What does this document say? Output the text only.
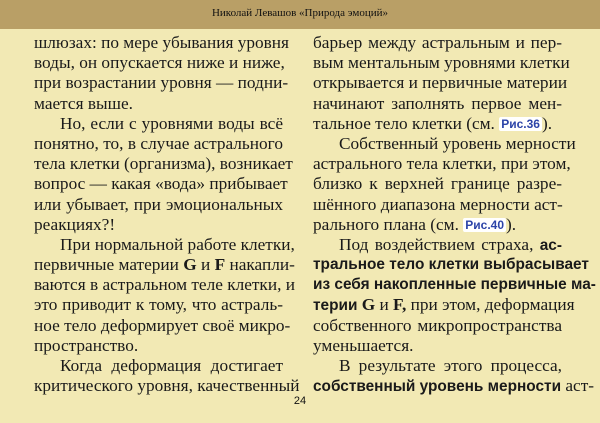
Николай Левашов «Природа эмоций»
шлюзах: по мере убывания уровня
воды, он опускается ниже и ниже,
при возрастании уровня — подни-
мается выше.
Но, если с уровнями воды всё
понятно, то, в случае астрального
тела клетки (организма), возникает
вопрос — какая «вода» прибывает
или убывает, при эмоциональных
реакциях?!
При нормальной работе клетки,
первичные материи G и F накапли-
ваются в астральном теле клетки, и
это приводит к тому, что астраль-
ное тело деформирует своё микро-
пространство.
Когда деформация достигает
критического уровня, качественный
барьер между астральным и пер-
вым ментальным уровнями клетки
открывается и первичные материи
начинают заполнять первое мен-
тальное тело клетки (см. Рис.36 ).
Собственный уровень мерности
астрального тела клетки, при этом,
близко к верхней границе разре-
шённого диапазона мерности аст-
рального плана (см. Рис.40 ).
Под воздействием страха, ас-
тральное тело клетки выбрасывает
из себя накопленные первичные ма-
терии G и F, при этом, деформация
собственного микропространства
уменьшается.
В результате этого процесса,
собственный уровень мерности аст-
24
